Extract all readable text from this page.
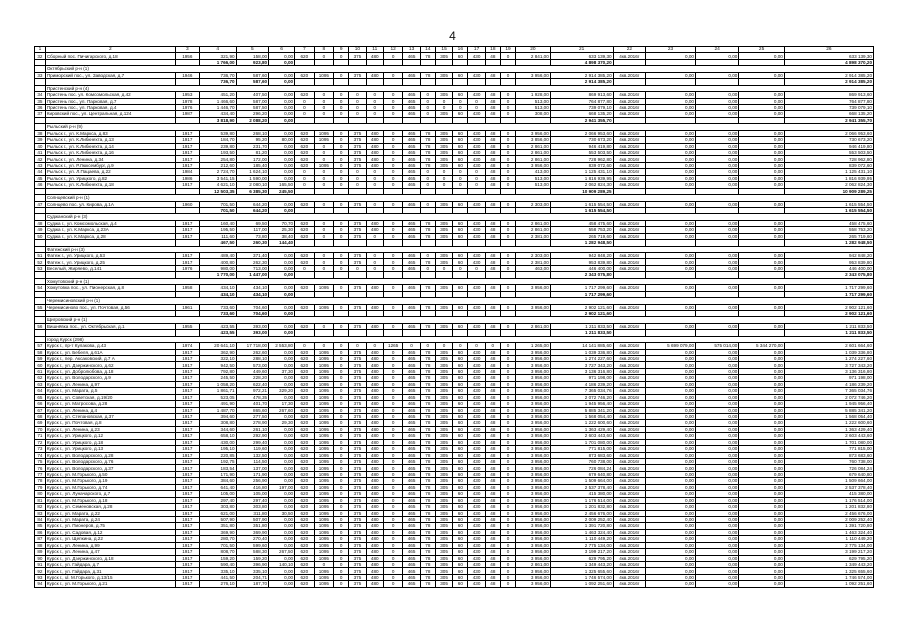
4
1	2	3	4	5	6	7	8	9	10	11	12	13	14	15	16	17	18	19	20	21	22	23	24	25	26
32	Сборный пос. Пичигарского, д.18	1956	321,90	158,00	0,00	620	0	0	375	480	0	465	78	305	60	430	48	0	2 841,00	633 139,30	4кв.2016г	0,00	0,00	0,00	633 139,30
			1 766,00	923,80	0,00															4 898 370,20					4 898 370,20
	Октябрьский р-н (1)																								
33	Приморский пос., ул. Заводская, д.7	1946	736,70	587,60	0,00	620	1095	0	375	480	0	465	78	305	60	430	48	0	3 956,00	2 914 385,20	4кв.2016г	0,00	0,00	0,00	2 914 385,20
			736,70	587,60	0,00															2 914 385,20					2 914 385,20
	Пристенский р-н (4)																								
34	Пристень пос. ул. Комсомольская, д.42	1953	451,20	407,50	0,00	620	0	0	0	0	0	465	0	305	60	430	48	0	1 928,00	869 913,60	4кв.2016г	0,00	0,00	0,00	869 913,60
35	Пристень пос., ул. Парковая, д.7	1978	1 466,60	587,00	0,00	0	0	0	0	0	0	465	0	0	0	0	48	0	513,00	764 877,80	4кв.2016г	0,00	0,00	0,00	764 877,80
36	Пристень пос., ул. Парковая, д.4	1976	1 446,70	587,50	0,00	0	0	0	0	0	0	465	0	0	0	0	48	0	513,00	739 079,10	4кв.2016г	0,00	0,00	0,00	739 079,10
37	Кировский пос., ул. Центральная, д.124	1987	434,40	296,20	0,00	0	0	0	0	0	0	465	0	305	60	430	48	0	308,00	668 135,20	4кв.2016г	0,00	0,00	0,00	668 135,20
			3 818,90	2 088,20	0,00															2 941 355,70					2 941 355,70
	Рыльский р-н (9)																								
38	Рыльск г., ул. К.Маркса, д.83	1917	539,80	268,10	0,00	620	1095	0	375	480	0	465	78	305	60	430	48	0	3 956,00	2 066 953,60	4кв.2016г	0,00	0,00	0,00	2 066 953,60
39	Рыльск г., ул. К.Либкнехта, д.13	1917	184,70	95,20	80,00	620	1095	0	375	480	0	465	78	305	60	430	48	0	3 856,00	730 673,20	4кв.2016г	0,00	0,00	0,00	730 673,20
40	Рыльск г., ул. К.Либкнехта, д.14	1917	239,80	231,70	0,00	620	0	0	375	480	0	465	78	305	60	430	48	0	2 861,00	946 419,80	4кв.2016г	0,00	0,00	0,00	946 419,80
41	Рыльск г., ул. К.Либкнехта, д.16	1917	193,50	81,20	0,00	620	0	0	375	480	0	465	78	305	60	430	48	0	2 861,00	553 503,50	4кв.2016г	0,00	0,00	0,00	553 503,50
42	Рыльск г., ул. Ленина, д.34	1917	254,80	172,00	0,00	620	0	0	375	480	0	465	78	305	60	430	48	0	2 861,00	728 962,80	4кв.2016г	0,00	0,00	0,00	728 962,80
43	Рыльск г., ул. Р.Люксембург, д.9	1917	212,60	185,40	0,00	620	1095	0	375	480	0	465	78	305	60	430	48	0	3 956,00	839 072,60	4кв.2016г	0,00	0,00	0,00	839 072,60
44	Рыльск г., ул. Л.Пацаева, д.22	1984	2 724,70	1 624,10	0,00	0	0	0	0	0	0	465	0	0	0	0	48	0	413,00	1 125 431,10	4кв.2016г	0,00	0,00	0,00	1 125 431,10
45	Рыльск г., ул. Урицкого, д.82	1986	3 541,15	1 590,00	0,00	0	0	0	0	0	0	465	0	0	0	0	48	0	513,00	1 816 939,95	4кв.2016г	0,00	0,00	0,00	1 816 939,95
46	Рыльск г., ул. К.Либкнехта, д.18	1917	4 621,10	2 080,10	165,50	0	0	0	0	0	0	465	0	0	0	0	48	0	513,00	2 062 824,30	4кв.2016г	0,00	0,00	0,00	2 062 824,30
			12 503,35	6 385,30	245,50															10 909 289,25					10 909 289,25
	Солнцевский р-н (1)																								
47	Солнцево пос. ул. Кирова, д.1А	1960	701,50	644,20	0,00	620	0	0	375	0	0	465	0	305	60	430	48	0	2 303,00	1 615 554,50	4кв.2016г	0,00	0,00	0,00	1 615 554,50
			701,50	644,20	0,00															1 615 554,50					1 615 554,50
	Суджанский р-н (3)																								
48	Суджа г., ул. Комсомольская, д.4	1917	160,40	69,50	70,70	620	0	0	375	480	0	465	78	305	60	430	48	0	2 861,00	458 475,60	4кв.2016г	0,00	0,00	0,00	458 475,60
49	Суджа г., ул. К.Маркса, д.23А	1917	195,50	117,00	25,30	620	0	0	375	480	0	465	78	305	60	430	48	0	2 861,00	558 753,20	4кв.2016г	0,00	0,00	0,00	558 753,20
50	Суджа г., ул. К.Маркса, д.28	1917	111,60	73,80	38,40	620	0	0	375	0	0	465	78	305	60	430	48	0	2 381,00	265 719,60	4кв.2016г	0,00	0,00	0,00	265 719,60
			467,50	260,30	144,40															1 282 948,50					1 282 948,50
	Фатежский р-н (3)																								
51	Фатеж г., ул. Урицкого, д.53	1917	489,40	371,40	0,00	620	0	0	375	0	0	465	0	305	60	430	48	0	2 303,00	942 848,20	4кв.2016г	0,00	0,00	0,00	942 848,20
52	Фатеж г., ул. Урицкого, д.25	1917	400,80	262,30	0,00	620	0	0	375	0	0	465	78	305	60	430	48	0	2 381,00	953 839,80	4кв.2016г	0,00	0,00	0,00	953 839,80
53	Веселый, Жиряево, д.141	1976	980,00	713,00	0,00	0	0	0	0	0	0	465	0	0	0	0	48	0	463,00	446 400,00	4кв.2016г	0,00	0,00	0,00	446 400,00
			1 770,00	1 447,00	0,00															2 343 075,80					2 343 075,80
	Хомутовский р-н (1)																								
54	Хомутовка пос., ул. Пионерская, д.8	1958	434,10	434,10	0,00	620	1095	0	375	480	0	465	78	305	60	430	48	0	3 956,00	1 717 299,60	4кв.2016г	0,00	0,00	0,00	1 717 299,60
			434,10	434,10	0,00															1 717 299,60					1 717 299,60
	Черемисиновский р-н (1)																								
55	Черемисиново пос., ул. Почтовая, д.56	1961	733,60	704,60	0,00	620	1095	0	375	480	0	465	78	305	60	430	48	0	3 956,00	2 902 121,60	4кв.2016г	0,00	0,00	0,00	2 902 121,60
			733,60	704,60	0,00															2 902 121,60					2 902 121,60
	Щигровский р-н (1)																								
56	Вишнёвка пос., ул. Октябрьская, д.1	1955	423,55	393,00	0,00	620	0	0	375	480	0	465	78	305	60	430	48	0	2 861,00	1 211 833,50	4кв.2016г	0,00	0,00	0,00	1 211 833,50
			423,55	393,00	0,00															1 211 833,50					1 211 833,50
	город Курск (298)																								
57	Курск г., пр-т Кулакова, д.43	1974	20 641,10	17 718,00	2 553,80	0	0	0	0	0	1265	0	0	0	0	0	0	0	1 265,00	14 141 885,60	4кв.2016г	5 699 079,00	575 014,00	5 344 270,00	2 601 664,60
58	Курск г., ул. Бебеля, д.61А	1917	362,90	262,60	0,00	620	1095	0	375	480	0	465	78	305	60	430	48	0	3 956,00	1 039 336,80	4кв.2016г	0,00	0,00	0,00	1 039 336,80
59	Курск г., пер. Аксаковский, д.7 А	1917	322,10	288,10	0,00	620	1095	0	375	480	0	465	78	305	60	430	48	0	3 956,00	1 274 227,60	4кв.2016г	0,00	0,00	0,00	1 274 227,60
60	Курск г., ул. Дзержинского, д.62	1917	942,50	573,00	0,00	620	1095	0	375	480	0	465	78	305	60	430	48	0	3 956,00	3 727 343,20	4кв.2016г	0,00	0,00	0,00	3 727 343,20
61	Курск г., ул. Добролюбова, д.18	1917	792,80	449,60	37,30	620	1095	0	375	480	0	465	78	305	60	430	48	0	3 956,00	3 136 316,80	4кв.2016г	0,00	0,00	0,00	3 136 316,80
62	Курск г., ул. Володарского, д.9	1917	245,50	228,20	0,00	620	1095	0	375	480	0	465	78	305	60	430	48	0	3 956,00	971 198,00	4кв.2016г	0,00	0,00	0,00	971 198,00
63	Курск г., ул. Ленина, д.97	1917	1 058,20	622,40	0,00	620	1095	0	375	480	0	465	78	305	60	430	48	0	3 956,00	4 186 239,20	4кв.2016г	0,00	0,00	0,00	4 186 239,20
64	Курск г., ул. Марата, д.5	1917	1 861,71	972,21	329,20	620	1095	0	375	480	0	465	78	305	60	430	48	0	3 956,00	7 365 034,76	4кв.2016г	0,00	0,00	0,00	7 365 034,76
65	Курск г., ул. Советская, д.19/20	1917	523,05	478,35	0,00	620	1095	0	375	480	0	465	78	305	60	430	48	0	3 956,00	2 072 746,20	4кв.2016г	0,00	0,00	0,00	2 072 746,20
66	Курск г., ул. Матросова, д.28	1917	491,90	401,70	17,30	620	1095	0	375	480	0	465	78	305	60	430	48	0	3 956,00	1 945 956,40	4кв.2016г	0,00	0,00	0,00	1 945 956,40
67	Курск г., ул. Ленина, д.4	1917	1 487,70	865,60	267,60	620	1095	0	375	480	0	465	78	305	60	430	48	0	3 956,00	5 885 341,20	4кв.2016г	0,00	0,00	0,00	5 885 341,20
68	Курск г., ул. Степановская, д.37	1917	394,60	277,50	0,00	620	1095	0	375	480	0	465	78	305	60	430	48	0	3 956,00	1 568 054,40	4кв.2016г	0,00	0,00	0,00	1 568 054,40
69	Курск г., ул. Почтовая, д.8	1917	308,80	278,90	29,30	620	1095	0	375	480	0	465	78	305	60	430	48	0	3 956,00	1 222 600,60	4кв.2016г	0,00	0,00	0,00	1 222 600,60
70	Курск г., ул. Ленина, д.23	1917	344,60	261,10	0,00	620	1095	0	375	480	0	465	78	305	60	430	48	0	3 956,00	1 363 429,40	4кв.2016г	0,00	0,00	0,00	1 363 429,40
71	Курск г., ул. Урицкого, д.12	1917	658,10	292,90	0,00	620	1095	0	375	480	0	465	78	305	60	430	48	0	3 956,00	2 603 443,60	4кв.2016г	0,00	0,00	0,00	2 603 443,60
72	Курск г., ул. Урицкого, д.18	1917	430,00	299,40	0,00	620	1095	0	375	480	0	465	78	305	60	430	48	0	3 956,00	1 701 080,00	4кв.2016г	0,00	0,00	0,00	1 701 080,00
73	Курск г., ул. Урицкого, д.13	1917	195,10	119,60	0,00	620	1095	0	375	480	0	465	78	305	60	430	48	0	3 956,00	771 815,00	4кв.2016г	0,00	0,00	0,00	771 815,00
74	Курск г., ул. Володарского, д.28	1917	220,85	132,50	0,00	620	1095	0	375	480	0	465	78	305	60	430	48	0	3 956,00	873 683,60	4кв.2016г	0,00	0,00	0,00	873 683,60
75	Курск г., ул. Володарского, д.76	1917	192,75	114,50	0,00	620	1095	0	375	480	0	465	78	305	60	430	48	0	3 956,00	760 738,00	4кв.2016г	0,00	0,00	0,00	760 738,00
76	Курск г., ул. Володарского, д.37	1917	183,54	137,00	0,00	620	1095	0	375	480	0	465	78	305	60	430	48	0	3 956,00	726 084,24	4кв.2016г	0,00	0,00	0,00	726 084,24
77	Курск г., ул. М.Горького, д.50	1917	171,90	171,90	0,00	620	1095	0	375	480	0	465	78	305	60	430	48	0	3 956,00	679 640,80	4кв.2016г	0,00	0,00	0,00	679 640,80
78	Курск г., ул. М.Горького, д.19	1917	384,60	256,90	0,00	620	1095	0	375	480	0	465	78	305	60	430	48	0	3 956,00	1 509 664,00	4кв.2016г	0,00	0,00	0,00	1 509 664,00
79	Курск г., ул. М.Горького, д.74	1917	641,40	416,80	197,00	620	1095	0	375	480	0	465	78	305	60	430	48	0	3 956,00	2 537 378,40	4кв.2016г	0,00	0,00	0,00	2 537 378,40
80	Курск г., ул. Луначарского, д.7	1917	105,00	105,00	0,00	620	1095	0	375	480	0	465	78	305	60	430	48	0	3 956,00	415 380,00	4кв.2016г	0,00	0,00	0,00	415 380,00
81	Курск г., ул. М.Горького, д.18	1917	297,40	297,40	0,00	620	1095	0	375	480	0	465	78	305	60	430	48	0	3 956,00	1 176 514,00	4кв.2016г	0,00	0,00	0,00	1 176 514,00
82	Курск г., ул. Семеновская, д.28	1917	303,80	303,80	0,00	620	1095	0	375	480	0	465	78	305	60	430	48	0	3 956,00	1 201 832,80	4кв.2016г	0,00	0,00	0,00	1 201 832,80
83	Курск г., ул. Марата, д.22	1917	621,00	311,80	30,50	620	1095	0	375	480	0	465	78	305	60	430	48	0	3 956,00	2 456 676,00	4кв.2016г	0,00	0,00	0,00	2 456 676,00
84	Курск г., ул. Марата, д.24	1917	507,90	507,90	0,00	620	1095	0	375	480	0	465	78	305	60	430	48	0	3 956,00	2 009 252,40	4кв.2016г	0,00	0,00	0,00	2 009 252,40
85	Курск г., ул. Пионеров, д.75	1917	351,80	351,80	0,00	620	1095	0	375	480	0	465	78	305	60	430	48	0	3 956,00	1 391 720,80	4кв.2016г	0,00	0,00	0,00	1 391 720,80
86	Курск г., ул. Садовая, д.12	1917	369,90	369,90	0,00	620	1095	0	375	480	0	465	78	305	60	430	48	0	3 956,00	1 463 324,40	4кв.2016г	0,00	0,00	0,00	1 463 324,40
87	Курск г., ул. Щепкина, д.22	1917	280,70	270,40	0,00	620	1095	0	375	480	0	465	78	305	60	430	48	0	3 956,00	1 110 449,20	4кв.2016г	0,00	0,00	0,00	1 110 449,20
88	Курск г., ул. Ленина, д.99	1917	701,50	599,60	0,00	620	1095	0	375	480	0	465	78	305	60	430	48	0	3 956,00	2 775 134,00	4кв.2016г	0,00	0,00	0,00	2 775 134,00
89	Курск г., ул. Ленина, д.47	1917	808,70	588,30	267,50	620	1095	0	375	480	0	465	78	305	60	430	48	0	3 956,00	3 199 217,20	4кв.2016г	0,00	0,00	0,00	3 199 217,20
90	Курск г., ул. Дзержинского, д.18	1917	159,20	159,20	0,00	620	1095	0	375	480	0	465	78	305	60	430	48	0	3 956,00	629 795,20	4кв.2016г	0,00	0,00	0,00	629 795,20
91	Курск г., ул. Гайдара, д.7	1917	590,40	396,90	140,10	620	0	0	375	480	0	465	78	305	60	430	48	0	2 861,00	1 349 443,20	4кв.2016г	0,00	0,00	0,00	1 349 443,20
92	Курск г., ул. Гайдара, д.31	1917	335,10	335,10	0,00	620	1095	0	375	480	0	465	78	305	60	430	48	0	3 956,00	1 325 655,60	4кв.2016г	0,00	0,00	0,00	1 325 655,60
93	Курск г., ul. М.Горького, д.13/15	1917	441,50	204,71	0,00	620	1095	0	375	480	0	465	78	305	60	430	48	0	3 956,00	1 746 574,00	4кв.2016г	0,00	0,00	0,00	1 746 574,00
94	Курск г., ул. М.Горького, д.21	1917	276,10	187,70	0,00	620	1095	0	375	480	0	465	78	305	60	430	48	0	3 956,00	1 092 251,60	4кв.2016г	0,00	0,00	0,00	1 092 251,60
